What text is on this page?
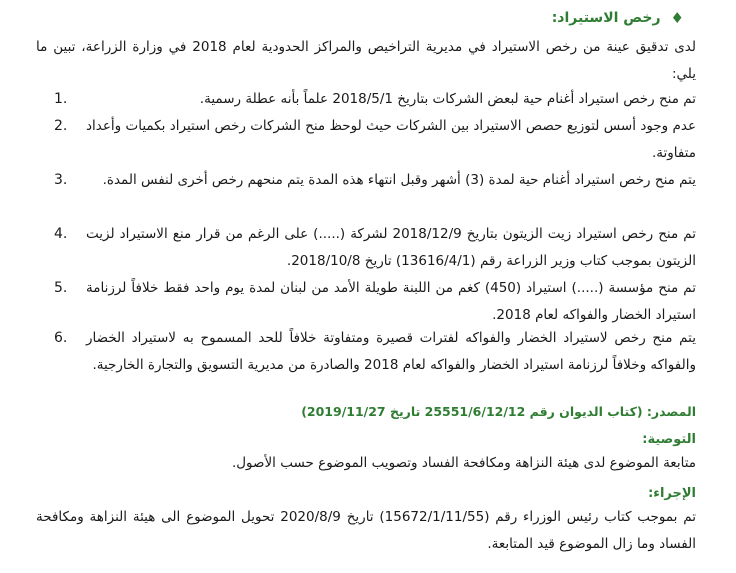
♦
رخص الاستيراد:
لدى تدقيق عينة من رخص الاستيراد في مديرية التراخيص والمراكز الحدودية لعام 2018 في وزارة الزراعة، تبين ما يلي:
1.	تم منح رخص استيراد أغنام حية لبعض الشركات بتاريخ 2018/5/1 علماً بأنه عطلة رسمية.
2.	عدم وجود أسس لتوزيع حصص الاستيراد بين الشركات حيث لوحظ منح الشركات رخص استيراد بكميات وأعداد متفاوتة.
3.	يتم منح رخص استيراد أغنام حية لمدة (3) أشهر وقبل انتهاء هذه المدة يتم منحهم رخص أخرى لنفس المدة.
4.	تم منح رخص استيراد زيت الزيتون بتاريخ 2018/12/9 لشركة (.....) على الرغم من قرار منع الاستيراد لزيت الزيتون بموجب كتاب وزير الزراعة رقم (13616/4/1) تاريخ 2018/10/8.
5.	تم منح مؤسسة (.....) استيراد (450) كغم من اللبنة طويلة الأمد من لبنان لمدة يوم واحد فقط خلافاً لرزنامة استيراد الخضار والفواكه لعام 2018.
6.	يتم منح رخص لاستيراد الخضار والفواكه لفترات قصيرة ومتفاوتة خلافاً للحد المسموح به لاستيراد الخضار والفواكه وخلافاً لرزنامة استيراد الخضار والفواكه لعام 2018 والصادرة من مديرية التسويق والتجارة الخارجية.
المصدر: (كتاب الديوان رقم 25551/6/12/12 تاريخ 2019/11/27)
التوصية:
متابعة الموضوع لدى هيئة النزاهة ومكافحة الفساد وتصويب الموضوع حسب الأصول.
الإجراء:
تم بموجب كتاب رئيس الوزراء رقم (15672/1/11/55) تاريخ 2020/8/9 تحويل الموضوع الى هيئة النزاهة ومكافحة الفساد وما زال الموضوع قيد المتابعة.
